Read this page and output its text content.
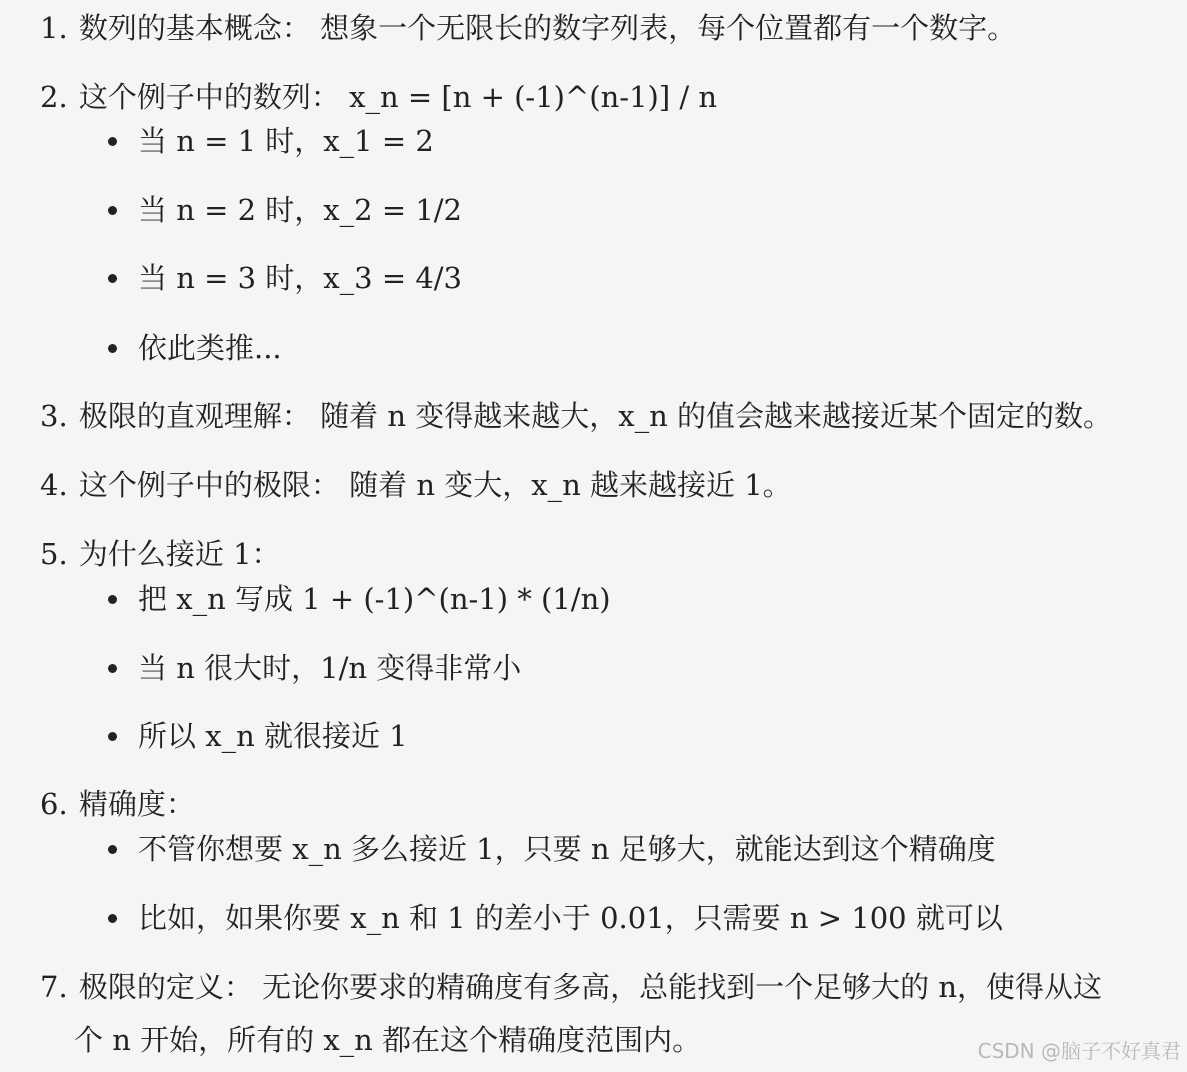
1. 数列的基本概念： 想象一个无限长的数字列表，每个位置都有一个数字。
2. 这个例子中的数列： x_n = [n + (-1)^(n-1)] / n
当 n = 1 时，x_1 = 2
当 n = 2 时，x_2 = 1/2
当 n = 3 时，x_3 = 4/3
依此类推...
3. 极限的直观理解： 随着 n 变得越来越大，x_n 的值会越来越接近某个固定的数。
4. 这个例子中的极限： 随着 n 变大，x_n 越来越接近 1。
5. 为什么接近 1：
把 x_n 写成 1 + (-1)^(n-1) * (1/n)
当 n 很大时，1/n 变得非常小
所以 x_n 就很接近 1
6. 精确度：
不管你想要 x_n 多么接近 1，只要 n 足够大，就能达到这个精确度
比如，如果你要 x_n 和 1 的差小于 0.01，只需要 n > 100 就可以
7. 极限的定义： 无论你要求的精确度有多高，总能找到一个足够大的 n，使得从这
个 n 开始，所有的 x_n 都在这个精确度范围内。	CSDN @脑子不好真君
